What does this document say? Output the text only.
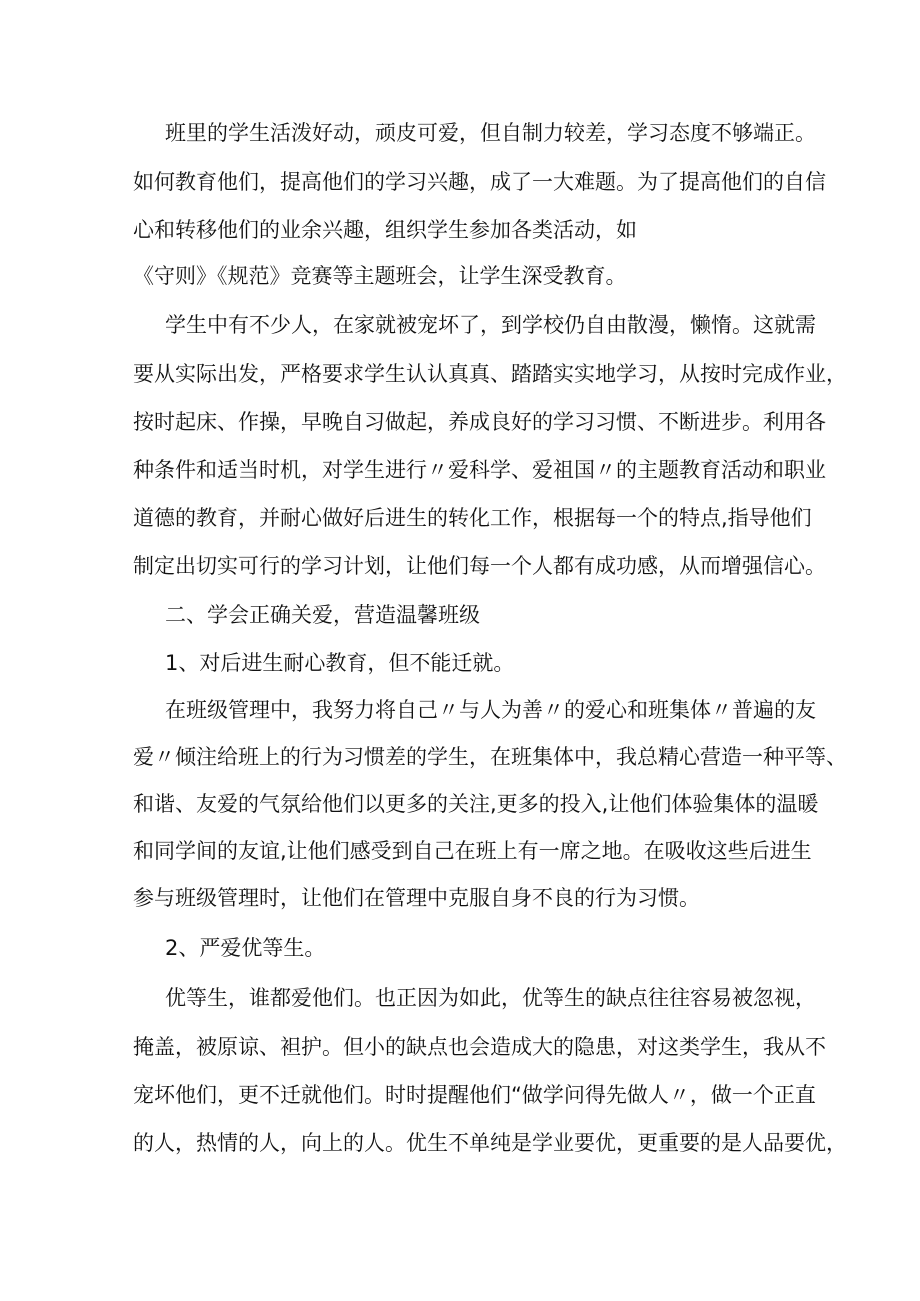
班里的学生活泼好动，顽皮可爱，但自制力较差，学习态度不够端正。
如何教育他们，提高他们的学习兴趣，成了一大难题。为了提高他们的自信
心和转移他们的业余兴趣，组织学生参加各类活动，如
《守则》《规范》竞赛等主题班会，让学生深受教育。
学生中有不少人，在家就被宠坏了，到学校仍自由散漫，懒惰。这就需
要从实际出发，严格要求学生认认真真、踏踏实实地学习，从按时完成作业，
按时起床、作操，早晚自习做起，养成良好的学习习惯、不断进步。利用各
种条件和适当时机，对学生进行〃爱科学、爱祖国〃的主题教育活动和职业
道德的教育，并耐心做好后进生的转化工作，根据每一个的特点,指导他们
制定出切实可行的学习计划，让他们每一个人都有成功感，从而增强信心。
二、学会正确关爱，营造温馨班级
1、对后进生耐心教育，但不能迁就。
在班级管理中，我努力将自己〃与人为善〃的爱心和班集体〃普遍的友
爱〃倾注给班上的行为习惯差的学生，在班集体中，我总精心营造一种平等、
和谐、友爱的气氛给他们以更多的关注,更多的投入,让他们体验集体的温暖
和同学间的友谊,让他们感受到自己在班上有一席之地。在吸收这些后进生
参与班级管理时，让他们在管理中克服自身不良的行为习惯。
2、严爱优等生。
优等生，谁都爱他们。也正因为如此，优等生的缺点往往容易被忽视，
掩盖，被原谅、袒护。但小的缺点也会造成大的隐患，对这类学生，我从不
宠坏他们，更不迁就他们。时时提醒他们“做学问得先做人〃，做一个正直
的人，热情的人，向上的人。优生不单纯是学业要优，更重要的是人品要优，
